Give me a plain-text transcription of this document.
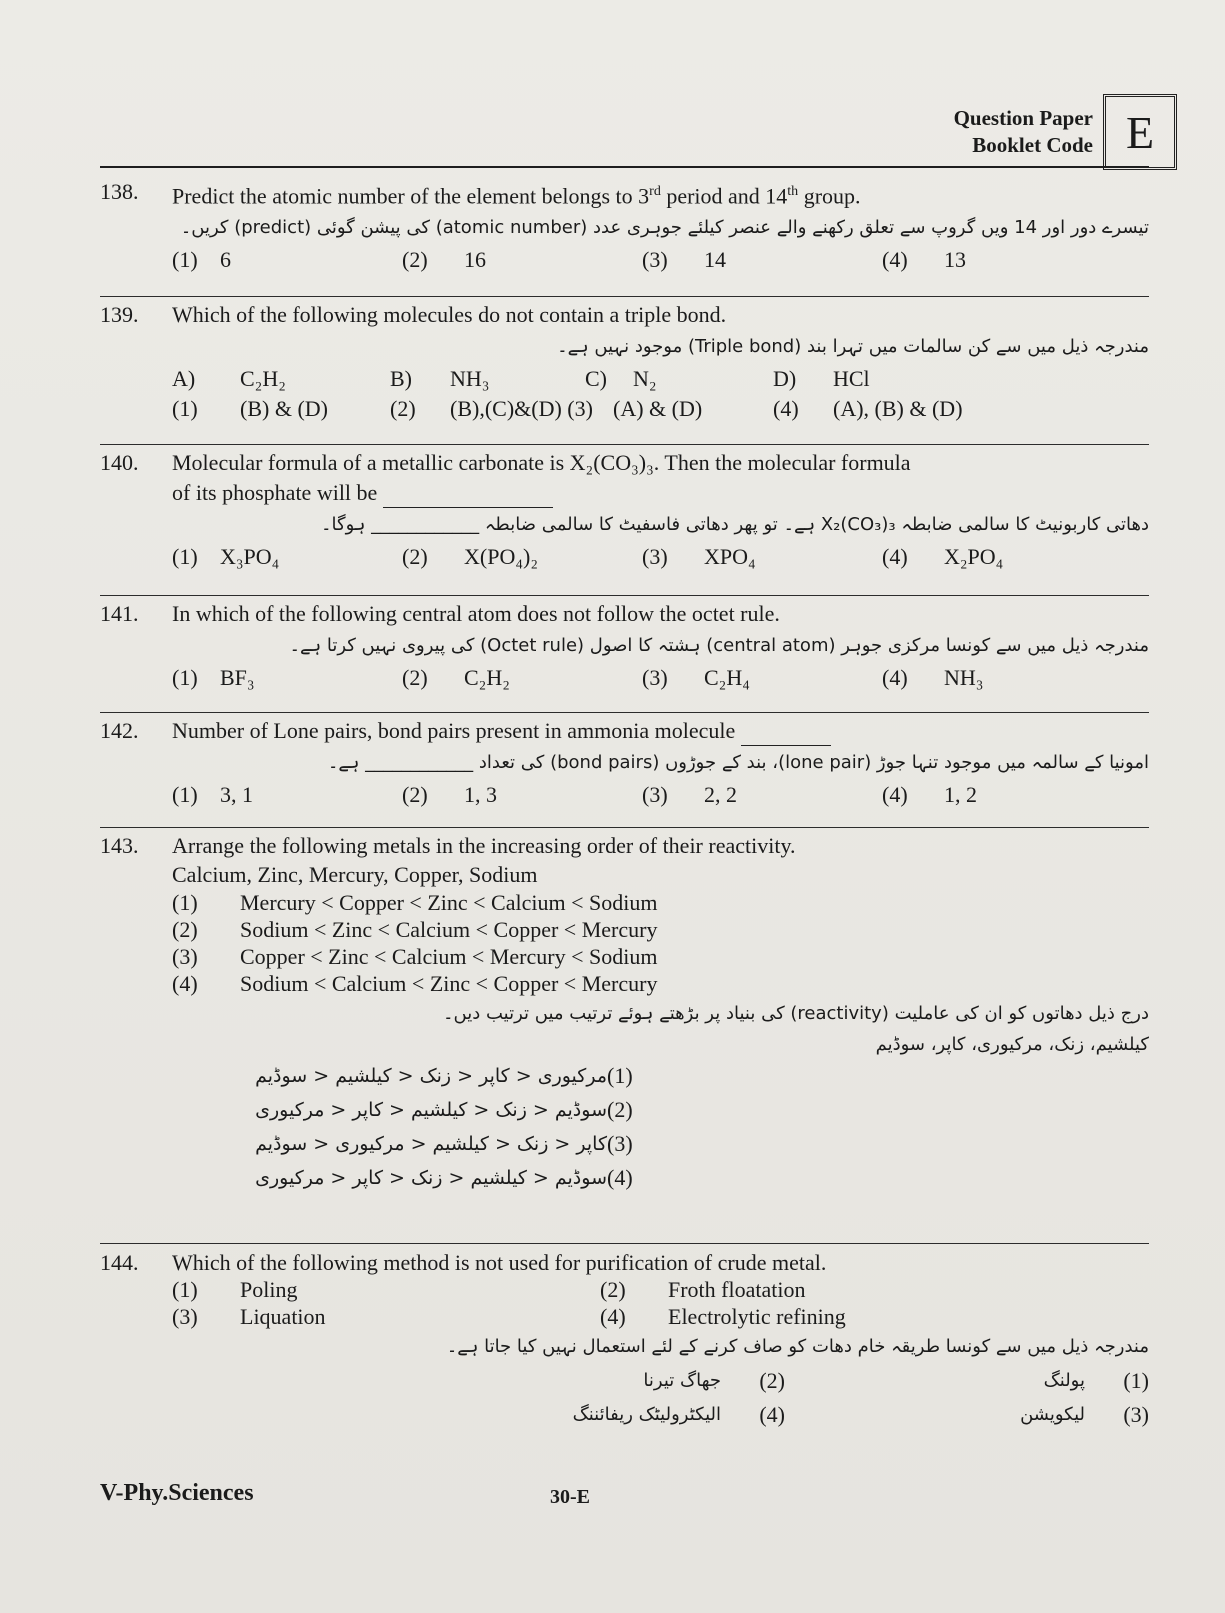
Question Paper
Booklet Code E
138.	Predict the atomic number of the element belongs to 3rd period and 14th group.
تیسرے دور اور 14 ویں گروپ سے تعلق رکھنے والے عنصر کیلئے جوہری عدد (atomic number) کی پیشن گوئی (predict) کریں۔
(1)	6	(2)	16	(3)	14	(4)	13
139.	Which of the following molecules do not contain a triple bond.
مندرجہ ذیل میں سے کن سالمات میں تہرا بند (Triple bond) موجود نہیں ہے۔
A)	C₂H₂	B)	NH₃	C)	N₂	D)	HCl
(1)	(B) & (D)	(2)	(B),(C)&(D) (3) (A) & (D)	(4)	(A), (B) & (D)
140.	Molecular formula of a metallic carbonate is X₂(CO₃)₃. Then the molecular formula
of its phosphate will be
دھاتی کاربونیٹ کا سالمی ضابطہ X₂(CO₃)₃ ہے۔ تو پھر دھاتی فاسفیٹ کا سالمی ضابطہ ____________ ہوگا۔
(1)	X₃PO₄	(2)	X(PO₄)₂	(3)	XPO₄	(4)	X₂PO₄
141.	In which of the following central atom does not follow the octet rule.
مندرجہ ذیل میں سے کونسا مرکزی جوہر (central atom) ہشتہ کا اصول (Octet rule) کی پیروی نہیں کرتا ہے۔
(1)	BF₃	(2)	C₂H₂	(3)	C₂H₄	(4)	NH₃
142.	Number of Lone pairs, bond pairs present in ammonia molecule
امونیا کے سالمہ میں موجود تنہا جوڑ (lone pair)، بند کے جوڑوں (bond pairs) کی تعداد ____________ ہے۔
(1)	3, 1	(2)	1, 3	(3)	2, 2	(4)	1, 2
143.	Arrange the following metals in the increasing order of their reactivity.
Calcium, Zinc, Mercury, Copper, Sodium
(1)	Mercury < Copper < Zinc < Calcium < Sodium
(2)	Sodium < Zinc < Calcium < Copper < Mercury
(3)	Copper < Zinc < Calcium < Mercury < Sodium
(4)	Sodium < Calcium < Zinc < Copper < Mercury
درج ذیل دھاتوں کو ان کی عاملیت (reactivity) کی بنیاد پر بڑھتے ہوئے ترتیب میں ترتیب دیں۔
کیلشیم، زنک، مرکیوری، کاپر، سوڈیم
(1)
مرکیوری < کاپر < زنک < کیلشیم < سوڈیم
(2)
سوڈیم < زنک < کیلشیم < کاپر < مرکیوری
(3)
کاپر < زنک < کیلشیم < مرکیوری < سوڈیم
(4)
سوڈیم < کیلشیم < زنک < کاپر < مرکیوری
144.	Which of the following method is not used for purification of crude metal.
(1)	Poling	(2)	Froth floatation
(3)	Liquation	(4)	Electrolytic refining
مندرجہ ذیل میں سے کونسا طریقہ خام دھات کو صاف کرنے کے لئے استعمال نہیں کیا جاتا ہے۔
(1)
پولنگ
(2)
جھاگ تیرنا
(3)
لیکویشن
(4)
الیکٹرولیٹک ریفائننگ
V-Phy.Sciences	30-E
